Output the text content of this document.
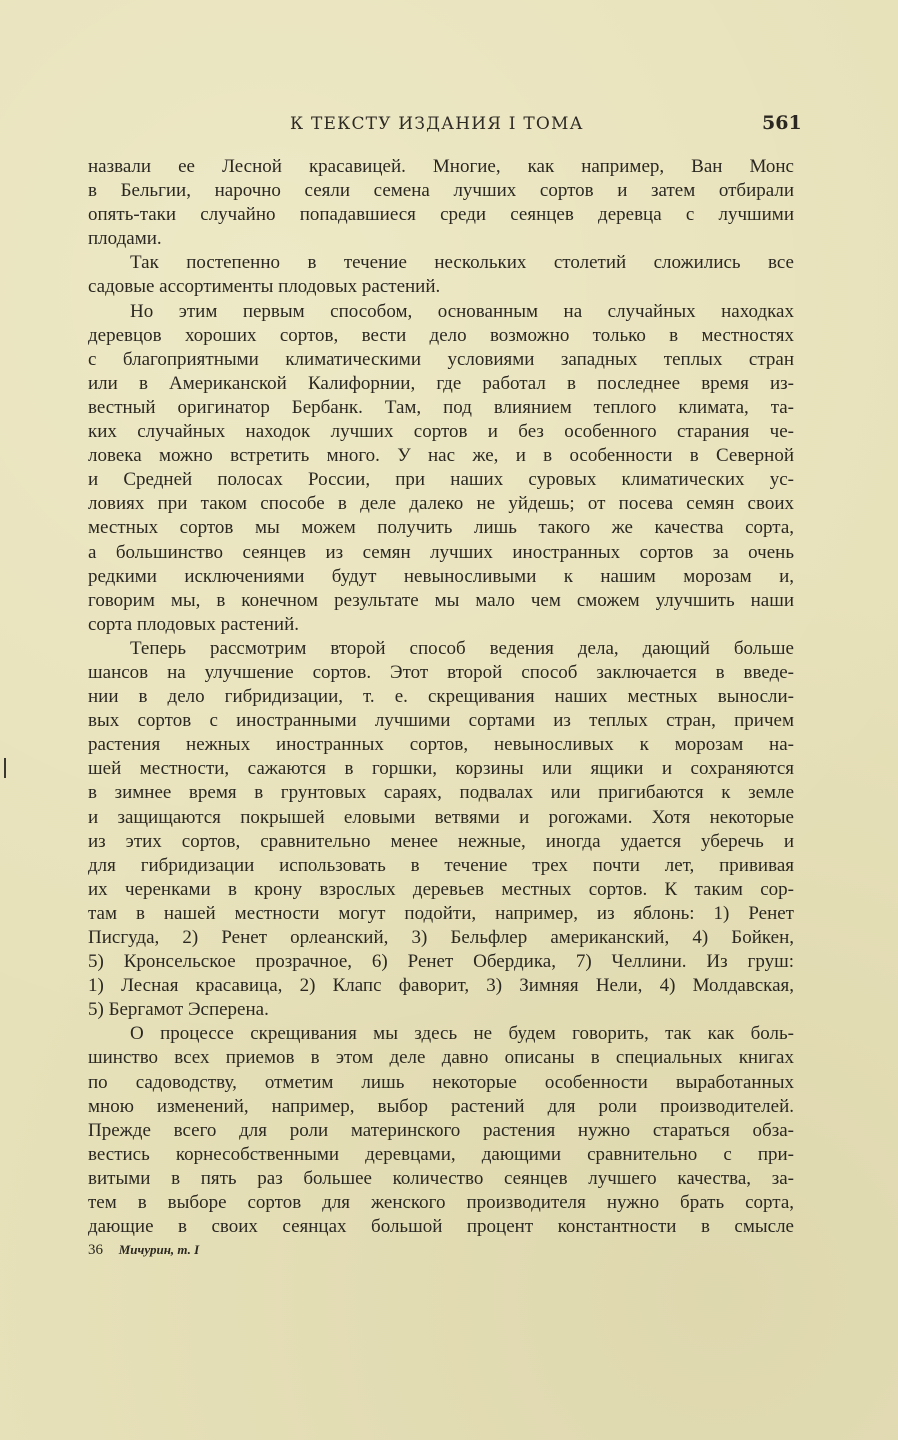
К ТЕКСТУ ИЗДАНИЯ I ТОМА	561
назвали ее Лесной красавицей. Многие, как например, Ван Монс
в Бельгии, нарочно сеяли семена лучших сортов и затем отбирали
опять-таки случайно попадавшиеся среди сеянцев деревца с лучшими
плодами.
Так постепенно в течение нескольких столетий сложились все
садовые ассортименты плодовых растений.
Но этим первым способом, основанным на случайных находках
деревцов хороших сортов, вести дело возможно только в местностях
с благоприятными климатическими условиями западных теплых стран
или в Американской Калифорнии, где работал в последнее время из-
вестный оригинатор Бербанк. Там, под влиянием теплого климата, та-
ких случайных находок лучших сортов и без особенного старания че-
ловека можно встретить много. У нас же, и в особенности в Северной
и Средней полосах России, при наших суровых климатических ус-
ловиях при таком способе в деле далеко не уйдешь; от посева семян своих
местных сортов мы можем получить лишь такого же качества сорта,
а большинство сеянцев из семян лучших иностранных сортов за очень
редкими исключениями будут невыносливыми к нашим морозам и,
говорим мы, в конечном результате мы мало чем сможем улучшить наши
сорта плодовых растений.
Теперь рассмотрим второй способ ведения дела, дающий больше
шансов на улучшение сортов. Этот второй способ заключается в введе-
нии в дело гибридизации, т. е. скрещивания наших местных выносли-
вых сортов с иностранными лучшими сортами из теплых стран, причем
растения нежных иностранных сортов, невыносливых к морозам на-
шей местности, сажаются в горшки, корзины или ящики и сохраняются
в зимнее время в грунтовых сараях, подвалах или пригибаются к земле
и защищаются покрышей еловыми ветвями и рогожами. Хотя некоторые
из этих сортов, сравнительно менее нежные, иногда удается уберечь и
для гибридизации использовать в течение трех почти лет, прививая
их черенками в крону взрослых деревьев местных сортов. К таким сор-
там в нашей местности могут подойти, например, из яблонь: 1) Ренет
Писгуда, 2) Ренет орлеанский, 3) Бельфлер американский, 4) Бойкен,
5) Кронсельское прозрачное, 6) Ренет Обердика, 7) Челлини. Из груш:
1) Лесная красавица, 2) Клапс фаворит, 3) Зимняя Нели, 4) Молдавская,
5) Бергамот Эсперена.
О процессе скрещивания мы здесь не будем говорить, так как боль-
шинство всех приемов в этом деле давно описаны в специальных книгах
по садоводству, отметим лишь некоторые особенности выработанных
мною изменений, например, выбор растений для роли производителей.
Прежде всего для роли материнского растения нужно стараться обза-
вестись корнесобственными деревцами, дающими сравнительно с при-
витыми в пять раз большее количество сеянцев лучшего качества, за-
тем в выборе сортов для женского производителя нужно брать сорта,
дающие в своих сеянцах большой процент константности в смысле
36 Мичурин, т. I
